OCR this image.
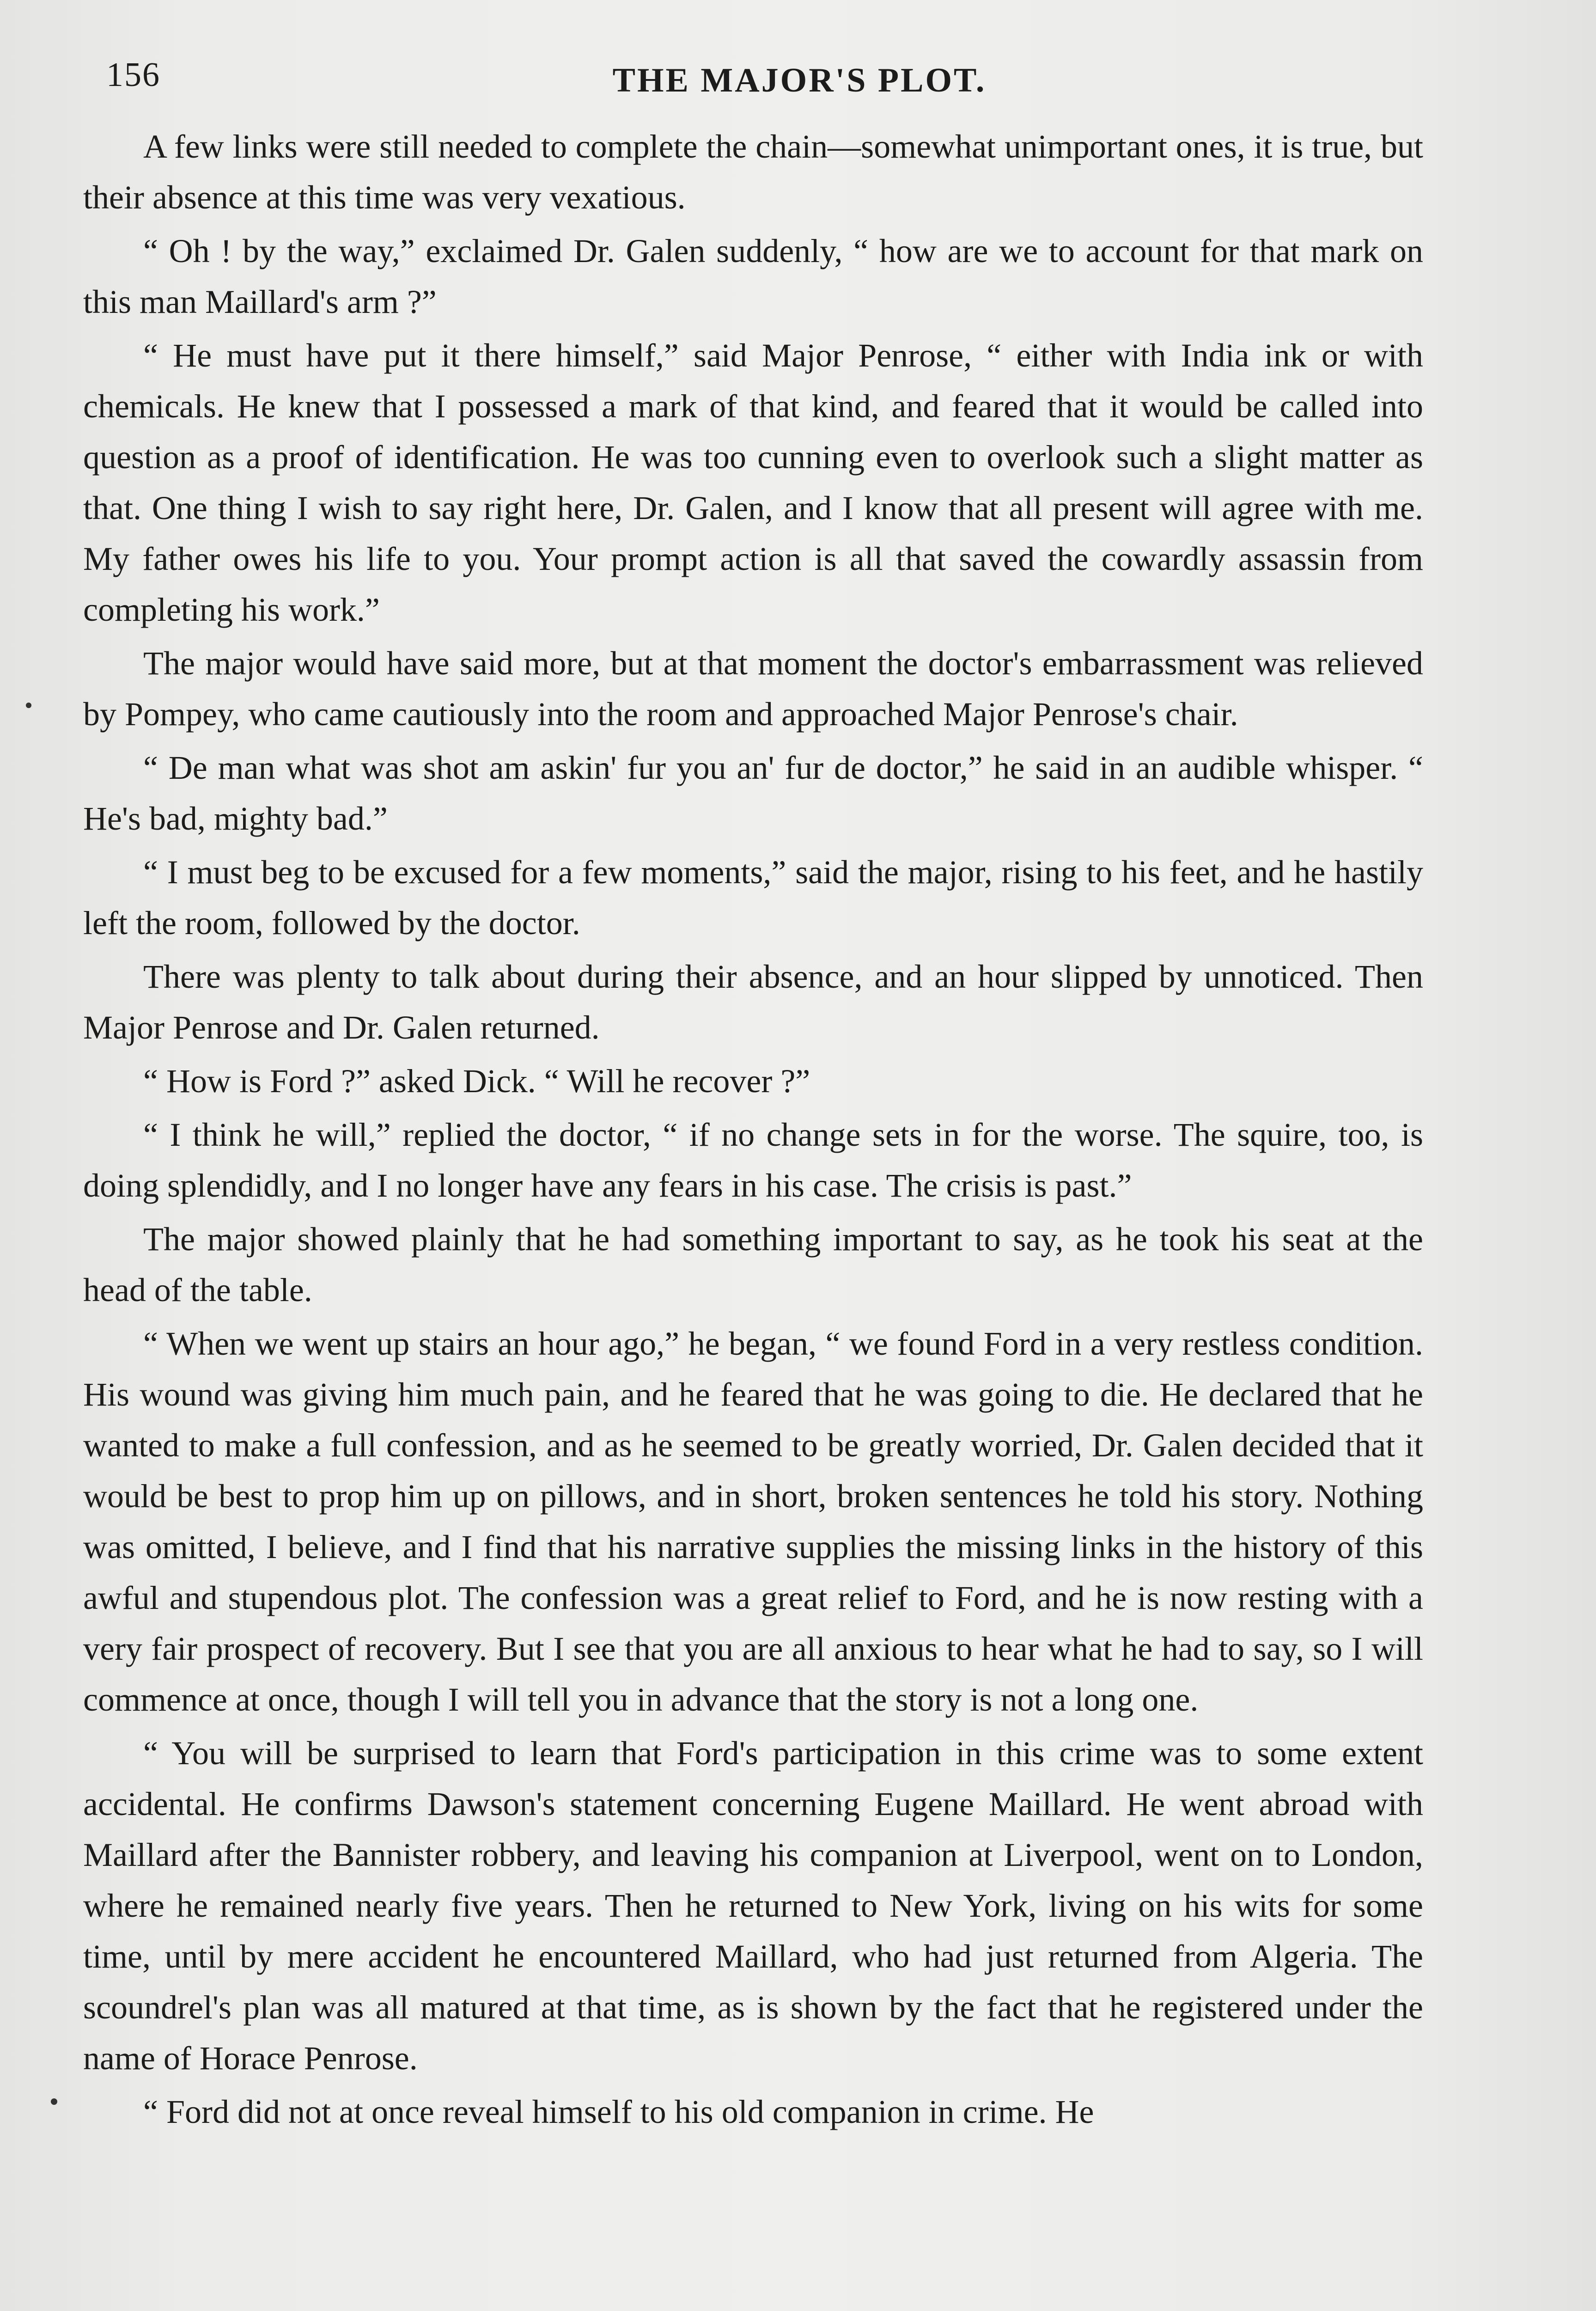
156	THE MAJOR'S PLOT.

A few links were still needed to complete the chain—somewhat unimportant ones, it is true, but their absence at this time was very vexatious.

“ Oh ! by the way,” exclaimed Dr. Galen suddenly, “ how are we to account for that mark on this man Maillard's arm ?”

“ He must have put it there himself,” said Major Penrose, “ either with India ink or with chemicals. He knew that I possessed a mark of that kind, and feared that it would be called into question as a proof of identification. He was too cunning even to overlook such a slight matter as that. One thing I wish to say right here, Dr. Galen, and I know that all present will agree with me. My father owes his life to you. Your prompt action is all that saved the cowardly assassin from completing his work.”

The major would have said more, but at that moment the doctor's embarrassment was relieved by Pompey, who came cautiously into the room and approached Major Penrose's chair.

“ De man what was shot am askin' fur you an' fur de doctor,” he said in an audible whisper. “ He's bad, mighty bad.”

“ I must beg to be excused for a few moments,” said the major, rising to his feet, and he hastily left the room, followed by the doctor.

There was plenty to talk about during their absence, and an hour slipped by unnoticed. Then Major Penrose and Dr. Galen returned.

“ How is Ford ?” asked Dick. “ Will he recover ?”

“ I think he will,” replied the doctor, “ if no change sets in for the worse. The squire, too, is doing splendidly, and I no longer have any fears in his case. The crisis is past.”

The major showed plainly that he had something important to say, as he took his seat at the head of the table.

“ When we went up stairs an hour ago,” he began, “ we found Ford in a very restless condition. His wound was giving him much pain, and he feared that he was going to die. He declared that he wanted to make a full confession, and as he seemed to be greatly worried, Dr. Galen decided that it would be best to prop him up on pillows, and in short, broken sentences he told his story. Nothing was omitted, I believe, and I find that his narrative supplies the missing links in the history of this awful and stupendous plot. The confession was a great relief to Ford, and he is now resting with a very fair prospect of recovery. But I see that you are all anxious to hear what he had to say, so I will commence at once, though I will tell you in advance that the story is not a long one.

“ You will be surprised to learn that Ford's participation in this crime was to some extent accidental. He confirms Dawson's statement concerning Eugene Maillard. He went abroad with Maillard after the Bannister robbery, and leaving his companion at Liverpool, went on to London, where he remained nearly five years. Then he returned to New York, living on his wits for some time, until by mere accident he encountered Maillard, who had just returned from Algeria. The scoundrel's plan was all matured at that time, as is shown by the fact that he registered under the name of Horace Penrose.

“ Ford did not at once reveal himself to his old companion in crime. He
